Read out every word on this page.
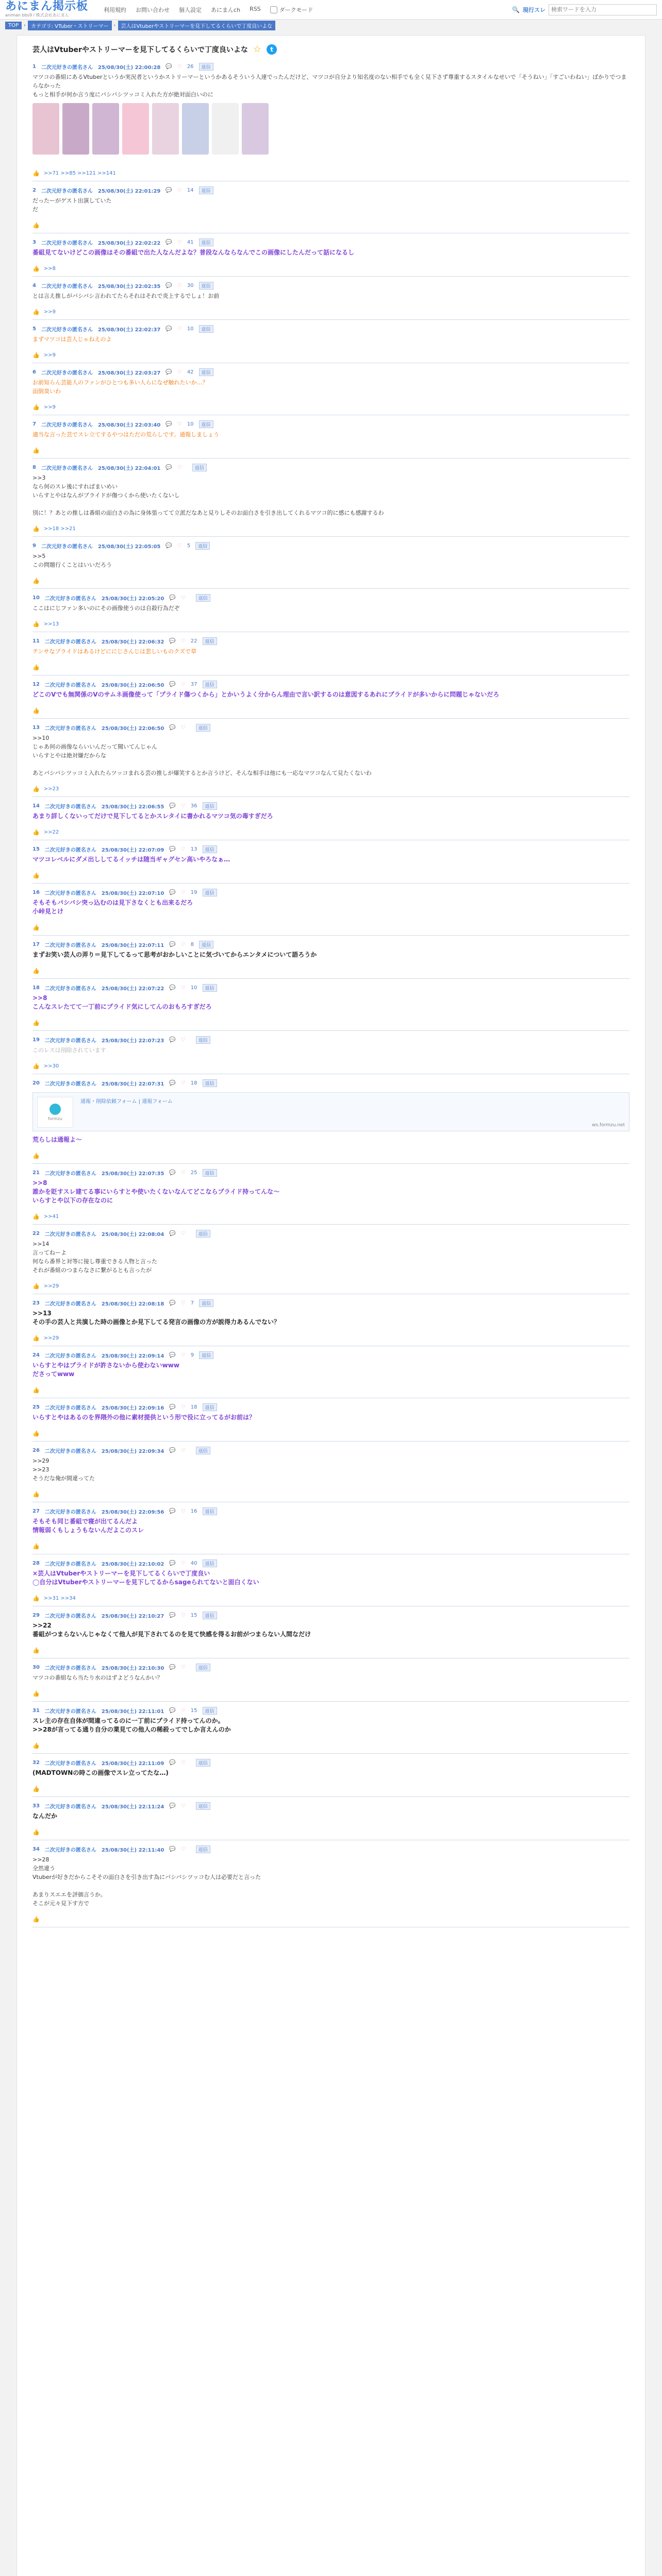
あにまん掲示板
animan bbs9 / 株式会社あにまん
利用規約 お問い合わせ 個人設定 あにまんch RSS	ダークモード	🔍 現行スレ
検索ワードを入力
TOP	›	カテゴリ: VTuber・ストリーマー	›	芸人はVtuberやストリーマーを見下してるくらいで丁度良いよな
芸人はVtuberやストリーマーを見下してるくらいで丁度良いよな ☆	t
1 二次元好きの匿名さん 25/08/30(土) 22:00:28 💬 ♡ 26	返信
マツコの番組にあるVtuberというか実況者というかストリーマーというかあるそういう人達でったんだけど、マツコが自分より知名度のない相手でも全く見下さず尊重するスタイルなせいで「そうねい」「すごいわねい」ばかりでつまらなかった
もっと相手が何か言う度にバシバシツッコミ入れた方が絶対面白いのに
👍 >>71 >>85 >>121 >>141
2 二次元好きの匿名さん 25/08/30(土) 22:01:29 💬 ♡ 14	返信
だったーがゲスト出演していた
だ
👍
3 二次元好きの匿名さん 25/08/30(土) 22:02:22 💬 ♡ 41	返信
番組見てないけどこの画像はその番組で出た人なんだよな？普段なんならなんでこの画像にしたんだって話になるし
👍 >>8
4 二次元好きの匿名さん 25/08/30(土) 22:02:35 💬 ♡ 30	返信
とは言え推しがバシバシ言われてたらそれはそれで炎上するでしょ！お前
👍 >>9
5 二次元好きの匿名さん 25/08/30(土) 22:02:37 💬 ♡ 10	返信
まずマツコは芸人じゃねえのよ
👍 >>9
6 二次元好きの匿名さん 25/08/30(土) 22:03:27 💬 ♡ 42	返信
お前知らん芸能人のファンがひとつも多い人らになぜ触れたいか…？
面倒臭いわ
👍 >>9
7 二次元好きの匿名さん 25/08/30(土) 22:03:40 💬 ♡ 10	返信
適当な言った芸でスレ立てするやつはただの荒らしです。通報しましょう
👍
8 二次元好きの匿名さん 25/08/30(土) 22:04:01 💬 ♡	返信
>>3
なら何のスレ後にすればまいめい
いらすとやはなんがプライドが傷つくから使いたくないし

別に！？あとの推しは番組の面白さの為に身体張ってて立派だなあと見りしそのお面白さを引き出してくれるマツコ的に感にも感謝するわ
👍 >>18 >>21
9 二次元好きの匿名さん 25/08/30(土) 22:05:05 💬 ♡ 5	返信
>>5
この問題行くことはいいだろう
👍
10 二次元好きの匿名さん 25/08/30(土) 22:05:20 💬 ♡	返信
ここはにじファン多いのにその画像使うのは自殺行為だぞ
👍 >>13
11 二次元好きの匿名さん 25/08/30(土) 22:06:32 💬 ♡ 22	返信
テンサなプライドはあるけどににじさんじは悲しいものクズで草
👍
12 二次元好きの匿名さん 25/08/30(土) 22:06:50 💬 ♡ 37	返信
どこのVでも無関係のVのサムネ画像使って「プライド傷つくから」とかいうよく分からん理由で言い訳するのは意図するあれにプライドが多いからに問題じゃないだろ
👍
13 二次元好きの匿名さん 25/08/30(土) 22:06:50 💬 ♡	返信
>>10
じゃあ何の画像ならいいんだって聞いてんじゃん
いらすとやは絶対嫌だからな

あとバシバシツッコミ入れたらツッコまれる芸の推しが爆笑するとか言うけど、そんな相手は他にも一応なマツコなんて見たくないわ
👍 >>23
14 二次元好きの匿名さん 25/08/30(土) 22:06:55 💬 ♡ 36	返信
あまり詳しくないってだけで見下してるとかスレタイに書かれるマツコ気の毒すぎだろ
👍 >>22
15 二次元好きの匿名さん 25/08/30(土) 22:07:09 💬 ♡ 13	返信
マツコレベルにダメ出ししてるイッチは随当ギャグセン高いやろなぁ…
👍
16 二次元好きの匿名さん 25/08/30(土) 22:07:10 💬 ♡ 19	返信
そもそもバシバシ突っ込むのは見下さなくとも出来るだろ
小峠見とけ
👍
17 二次元好きの匿名さん 25/08/30(土) 22:07:11 💬 ♡ 8	返信
まずお笑い芸人の弄り＝見下してるって思考がおかしいことに気づいてからエンタメについて語ろうか
👍
18 二次元好きの匿名さん 25/08/30(土) 22:07:22 💬 ♡ 10	返信
>>8
こんなスレたてて一丁前にプライド気にしてんのおもろすぎだろ
👍
19 二次元好きの匿名さん 25/08/30(土) 22:07:23 💬 ♡	返信
このレスは削除されています
👍 >>30
20 二次元好きの匿名さん 25/08/30(土) 22:07:31 💬 ♡ 18	返信
formzu
通報・削除依頼フォーム | 通報フォーム
ws.formzu.net
荒らしは通報よ～
👍
21 二次元好きの匿名さん 25/08/30(土) 22:07:35 💬 ♡ 25	返信
>>8
誰かを貶すスレ建てる事にいらすとや使いたくないなんてどこならプライド持ってんな～
いらすとや以下の存在なのに
👍 >>41
22 二次元好きの匿名さん 25/08/30(土) 22:08:04 💬 ♡	返信
>>14
言ってねーよ
何なら番界と対等に接し尊重できる人物と言った
それが番組のつまらなさに繋がるとも言ったが
👍 >>29
23 二次元好きの匿名さん 25/08/30(土) 22:08:18 💬 ♡ 7	返信
>>13
その手の芸人と共演した時の画像とか見下してる発言の画像の方が説得力あるんでない？
👍 >>29
24 二次元好きの匿名さん 25/08/30(土) 22:09:14 💬 ♡ 9	返信
いらすとやはプライドが許さないから使わないwww
ださってwww
👍
25 二次元好きの匿名さん 25/08/30(土) 22:09:16 💬 ♡ 18	返信
いらすとやはあるのを界隈外の他に素材提供という形で役に立ってるがお前は？
👍
26 二次元好きの匿名さん 25/08/30(土) 22:09:34 💬 ♡	返信
>>29
>>23
そうだな俺が間違ってた
👍
27 二次元好きの匿名さん 25/08/30(土) 22:09:56 💬 ♡ 16	返信
そもそも同じ番組で寝が出てるんだよ
情報弱くもしょうもないんだよこのスレ
👍
28 二次元好きの匿名さん 25/08/30(土) 22:10:02 💬 ♡ 40	返信
×芸人はVtuberやストリーマーを見下してるくらいで丁度良い
◯自分はVtuberやストリーマーを見下してるからsageられてないと面白くない
👍 >>31 >>34
29 二次元好きの匿名さん 25/08/30(土) 22:10:27 💬 ♡ 15	返信
>>22
番組がつまらないんじゃなくて他人が見下されてるのを見て快感を得るお前がつまらない人間なだけ
👍
30 二次元好きの匿名さん 25/08/30(土) 22:10:30 💬 ♡	返信
マツコの番組なら当たり水のはずよどうなんかい？
👍
31 二次元好きの匿名さん 25/08/30(土) 22:11:01 💬 ♡ 15	返信
スレ主の存在自体が間違ってるのに一丁前にプライド持ってんのか。
>>28が言ってる通り自分の業見ての他人の稀殺ってでしか言えんのか
👍
32 二次元好きの匿名さん 25/08/30(土) 22:11:09 💬 ♡	返信
(MADTOWNの時この画像でスレ立ってたな…)
👍
33 二次元好きの匿名さん 25/08/30(土) 22:11:24 💬 ♡	返信
なんだか
👍
34 二次元好きの匿名さん 25/08/30(土) 22:11:40 💬 ♡	返信
>>28
全然違う
Vtuberが好きだからこそその面白さを引き出す為にバシバシツッコむ人は必要だと言った

あまりスエエを評価言うか。
そこが元々見下す方で
👍
